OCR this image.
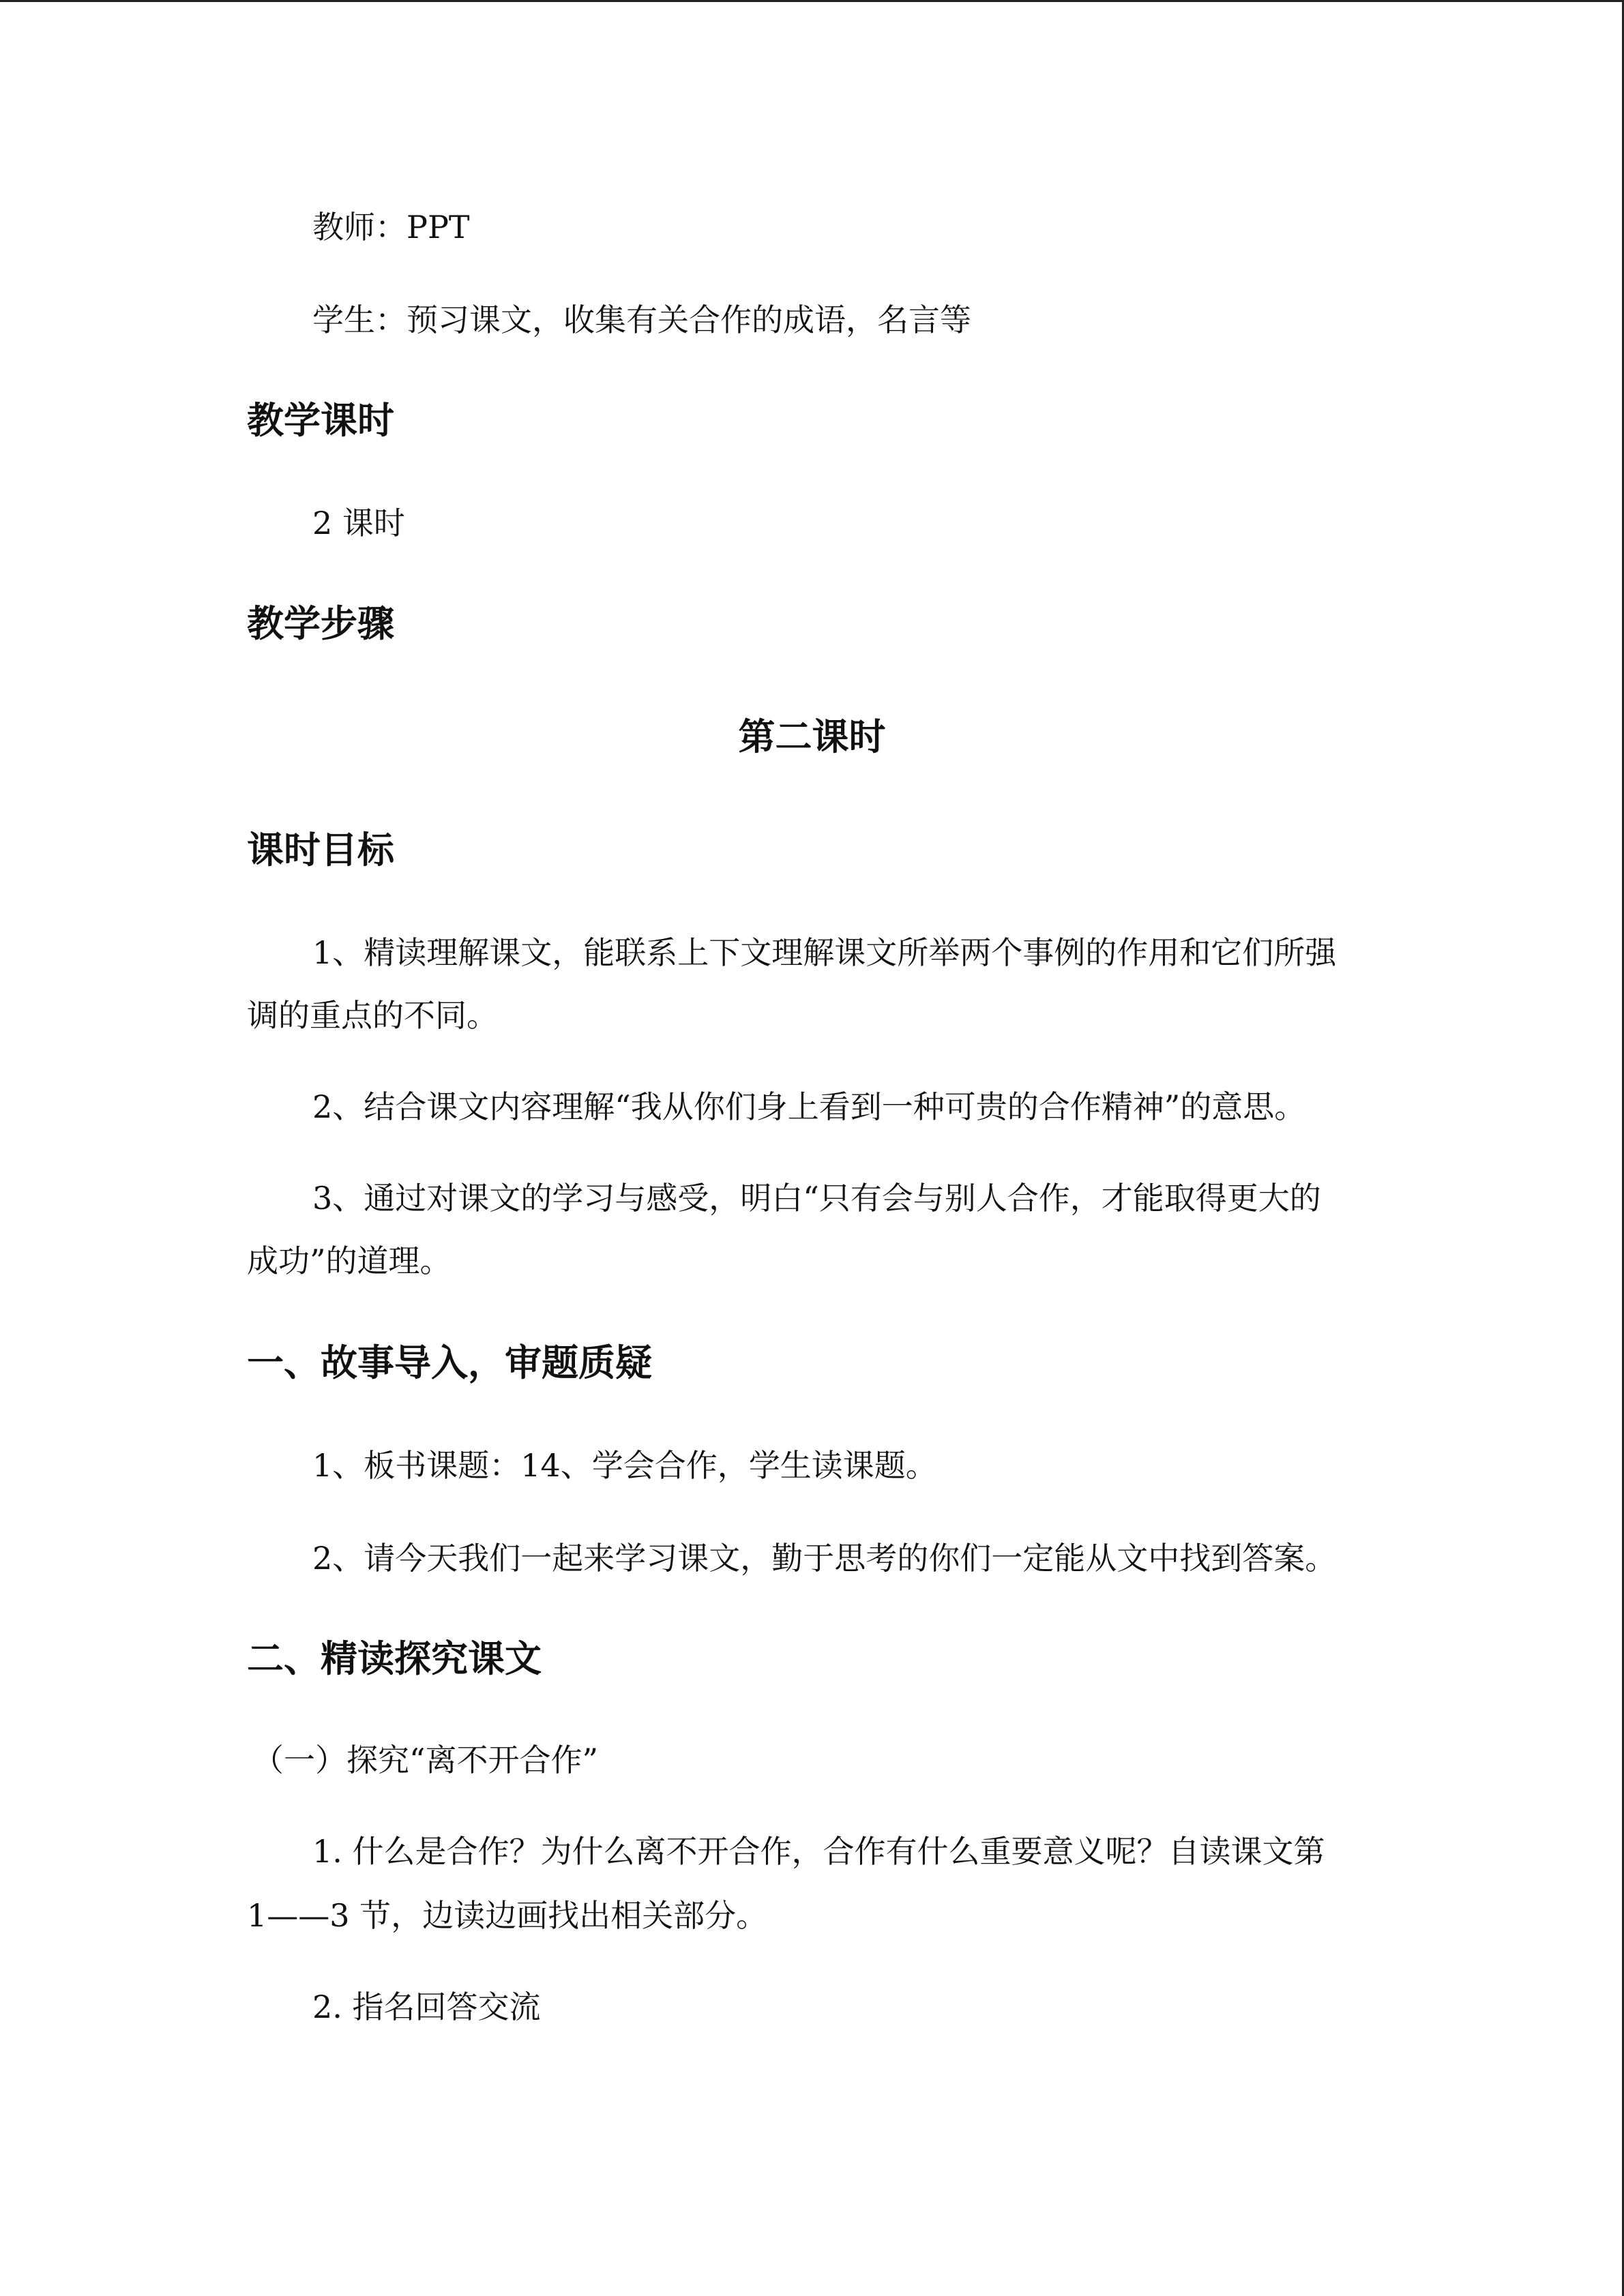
教师：PPT
学生：预习课文，收集有关合作的成语，名言等
教学课时
2 课时
教学步骤
第二课时
课时目标
1、精读理解课文，能联系上下文理解课文所举两个事例的作用和它们所强
调的重点的不同。
2、结合课文内容理解“我从你们身上看到一种可贵的合作精神”的意思。
3、通过对课文的学习与感受，明白“只有会与别人合作，才能取得更大的
成功”的道理。
一、故事导入，审题质疑
1、板书课题：14、学会合作，学生读课题。
2、请今天我们一起来学习课文，勤于思考的你们一定能从文中找到答案。
二、精读探究课文
（一）探究“离不开合作”
1. 什么是合作？为什么离不开合作，合作有什么重要意义呢？自读课文第
1——3 节，边读边画找出相关部分。
2. 指名回答交流
